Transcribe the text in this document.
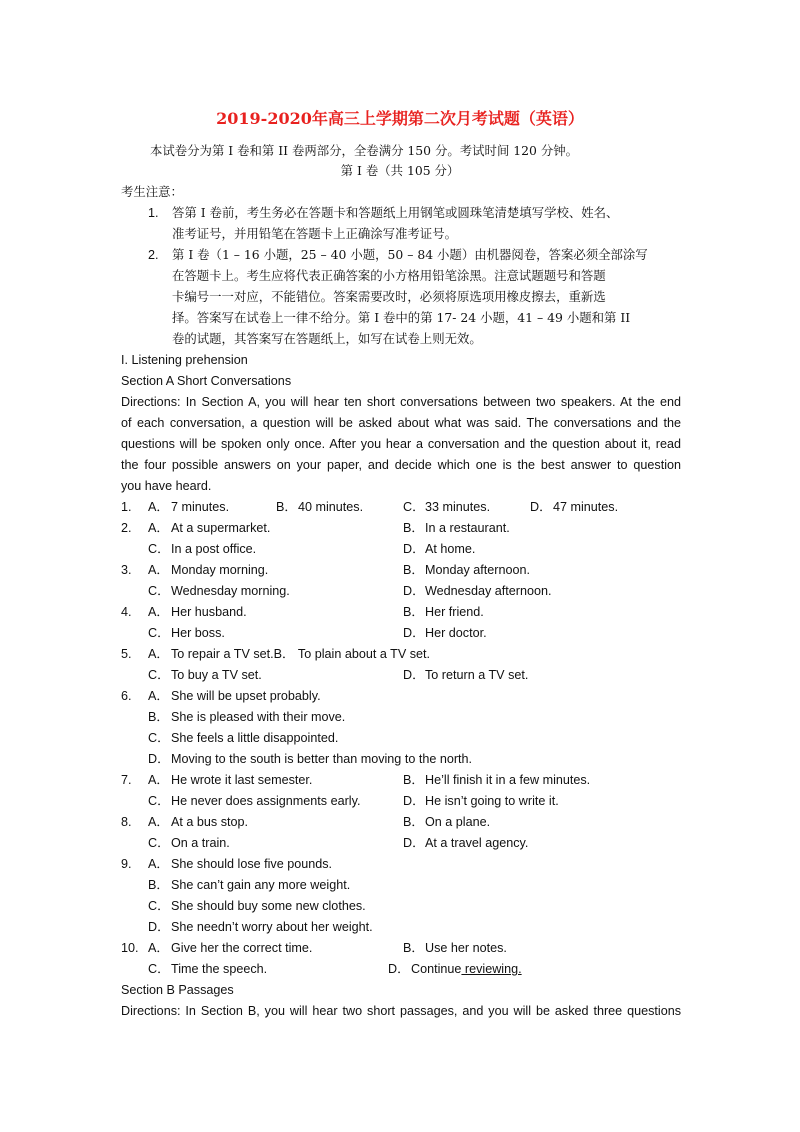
2019-2020年高三上学期第二次月考试题（英语）
本试卷分为第 I 卷和第 II 卷两部分，全卷满分 150 分。考试时间 120 分钟。
第 I 卷（共 105 分）
考生注意：
1. 答第 I 卷前，考生务必在答题卡和答题纸上用钢笔或圆珠笔清楚填写学校、姓名、
准考证号，并用铅笔在答题卡上正确涂写准考证号。
2. 第 I 卷（1 – 16 小题，25 – 40 小题，50 – 84 小题）由机器阅卷，答案必须全部涂写
在答题卡上。考生应将代表正确答案的小方格用铅笔涂黑。注意试题题号和答题
卡编号一一对应，不能错位。答案需要改时，必须将原选项用橡皮擦去，重新选
择。答案写在试卷上一律不给分。第 I 卷中的第 17- 24 小题，41 – 49 小题和第 II
卷的试题，其答案写在答题纸上，如写在试卷上则无效。
I. Listening prehension
Section A Short Conversations
Directions: In Section A, you will hear ten short conversations between two speakers. At the end
of each conversation, a question will be asked about what was said. The conversations and the
questions will be spoken only once. After you hear a conversation and the question about it, read
the four possible answers on your paper, and decide which one is the best answer to question
you have heard.
1. A． 7 minutes.	B． 40 minutes.	C． 33 minutes.	D． 47 minutes.
2. A． At a supermarket.	B． In a restaurant.
C． In a post office.	D． At home.
3. A． Monday morning.	B． Monday afternoon.
C． Wednesday morning.	D． Wednesday afternoon.
4. A． Her husband.	B． Her friend.
C． Her boss.	D． Her doctor.
5. A． To repair a TV set.B． To plain about a TV set.
C． To buy a TV set.	D． To return a TV set.
6. A． She will be upset probably.
B． She is pleased with their move.
C． She feels a little disappointed.
D． Moving to the south is better than moving to the north.
7. A． He wrote it last semester.	B． He’ll finish it in a few minutes.
C． He never does assignments early.	D． He isn’t going to write it.
8. A． At a bus stop.	B． On a plane.
C． On a train.	D． At a travel agency.
9. A． She should lose five pounds.
B． She can’t gain any more weight.
C． She should buy some new clothes.
D． She needn’t worry about her weight.
10. A． Give her the correct time.	B． Use her notes.
C． Time the speech.	D． Continue reviewing.
Section B Passages
Directions: In Section B, you will hear two short passages, and you will be asked three questions
